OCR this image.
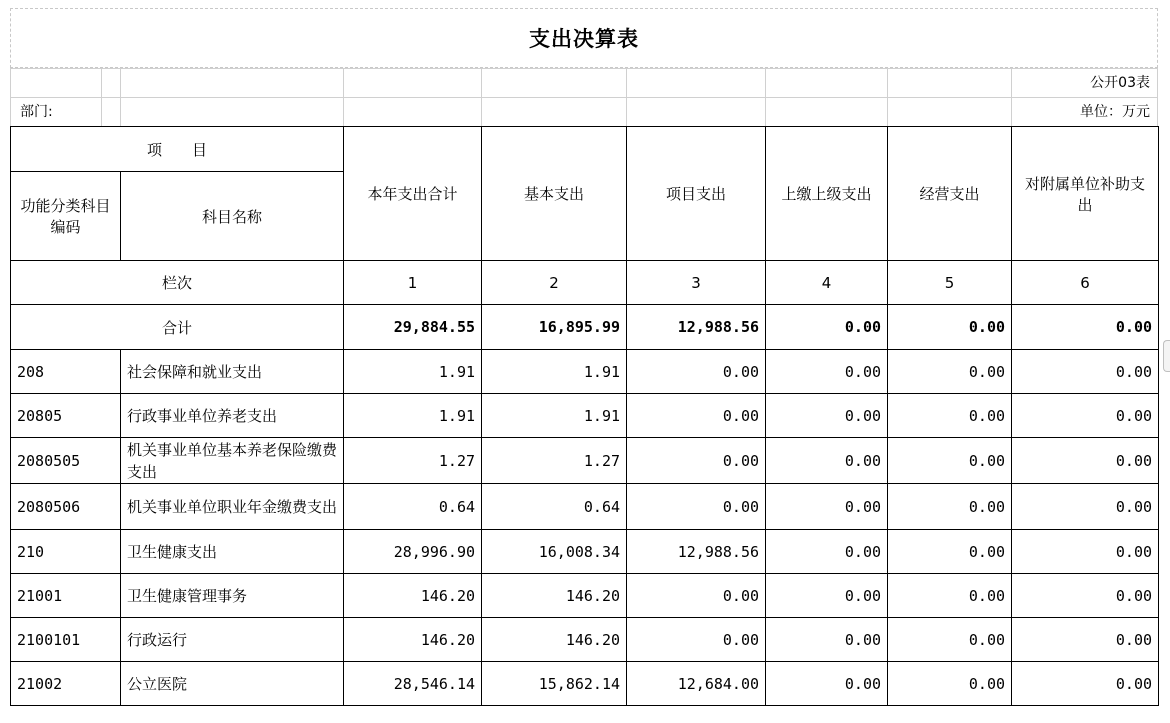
支出决算表
公开03表
部门:	单位：万元
项　　目		本年支出合计	基本支出	项目支出	上缴上级支出	经营支出	对附属单位补助支出
功能分类科目编码	科目名称						
栏次		1	2	3	4	5	6
合计		29,884.55	16,895.99	12,988.56	0.00	0.00	0.00
208	社会保障和就业支出	1.91	1.91	0.00	0.00	0.00	0.00
20805	行政事业单位养老支出	1.91	1.91	0.00	0.00	0.00	0.00
2080505	机关事业单位基本养老保险缴费支出	1.27	1.27	0.00	0.00	0.00	0.00
2080506	机关事业单位职业年金缴费支出	0.64	0.64	0.00	0.00	0.00	0.00
210	卫生健康支出	28,996.90	16,008.34	12,988.56	0.00	0.00	0.00
21001	卫生健康管理事务	146.20	146.20	0.00	0.00	0.00	0.00
2100101	行政运行	146.20	146.20	0.00	0.00	0.00	0.00
21002	公立医院	28,546.14	15,862.14	12,684.00	0.00	0.00	0.00
